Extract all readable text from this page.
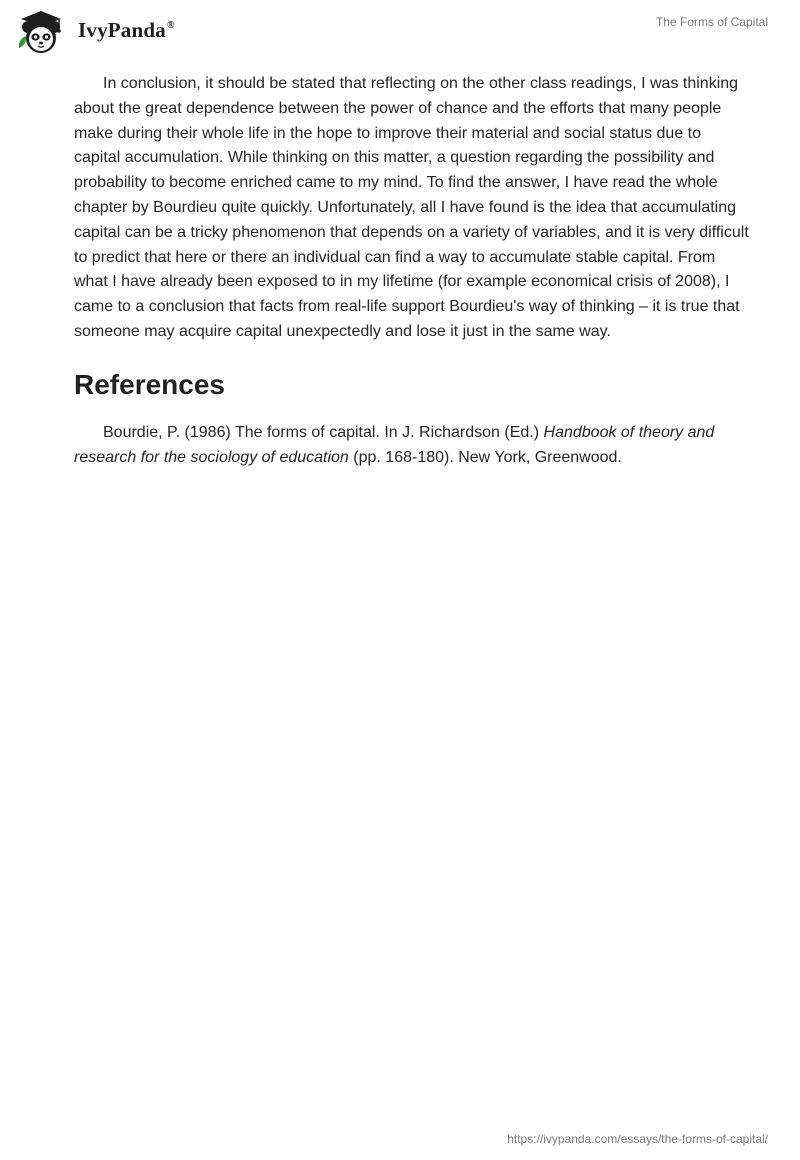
IvyPanda®	The Forms of Capital

In conclusion, it should be stated that reflecting on the other class readings, I was thinking about the great dependence between the power of chance and the efforts that many people make during their whole life in the hope to improve their material and social status due to capital accumulation. While thinking on this matter, a question regarding the possibility and probability to become enriched came to my mind. To find the answer, I have read the whole chapter by Bourdieu quite quickly. Unfortunately, all I have found is the idea that accumulating capital can be a tricky phenomenon that depends on a variety of variables, and it is very difficult to predict that here or there an individual can find a way to accumulate stable capital. From what I have already been exposed to in my lifetime (for example economical crisis of 2008), I came to a conclusion that facts from real-life support Bourdieu's way of thinking – it is true that someone may acquire capital unexpectedly and lose it just in the same way.

References

Bourdie, P. (1986) The forms of capital. In J. Richardson (Ed.) Handbook of theory and research for the sociology of education (pp. 168-180). New York, Greenwood.

https://ivypanda.com/essays/the-forms-of-capital/
